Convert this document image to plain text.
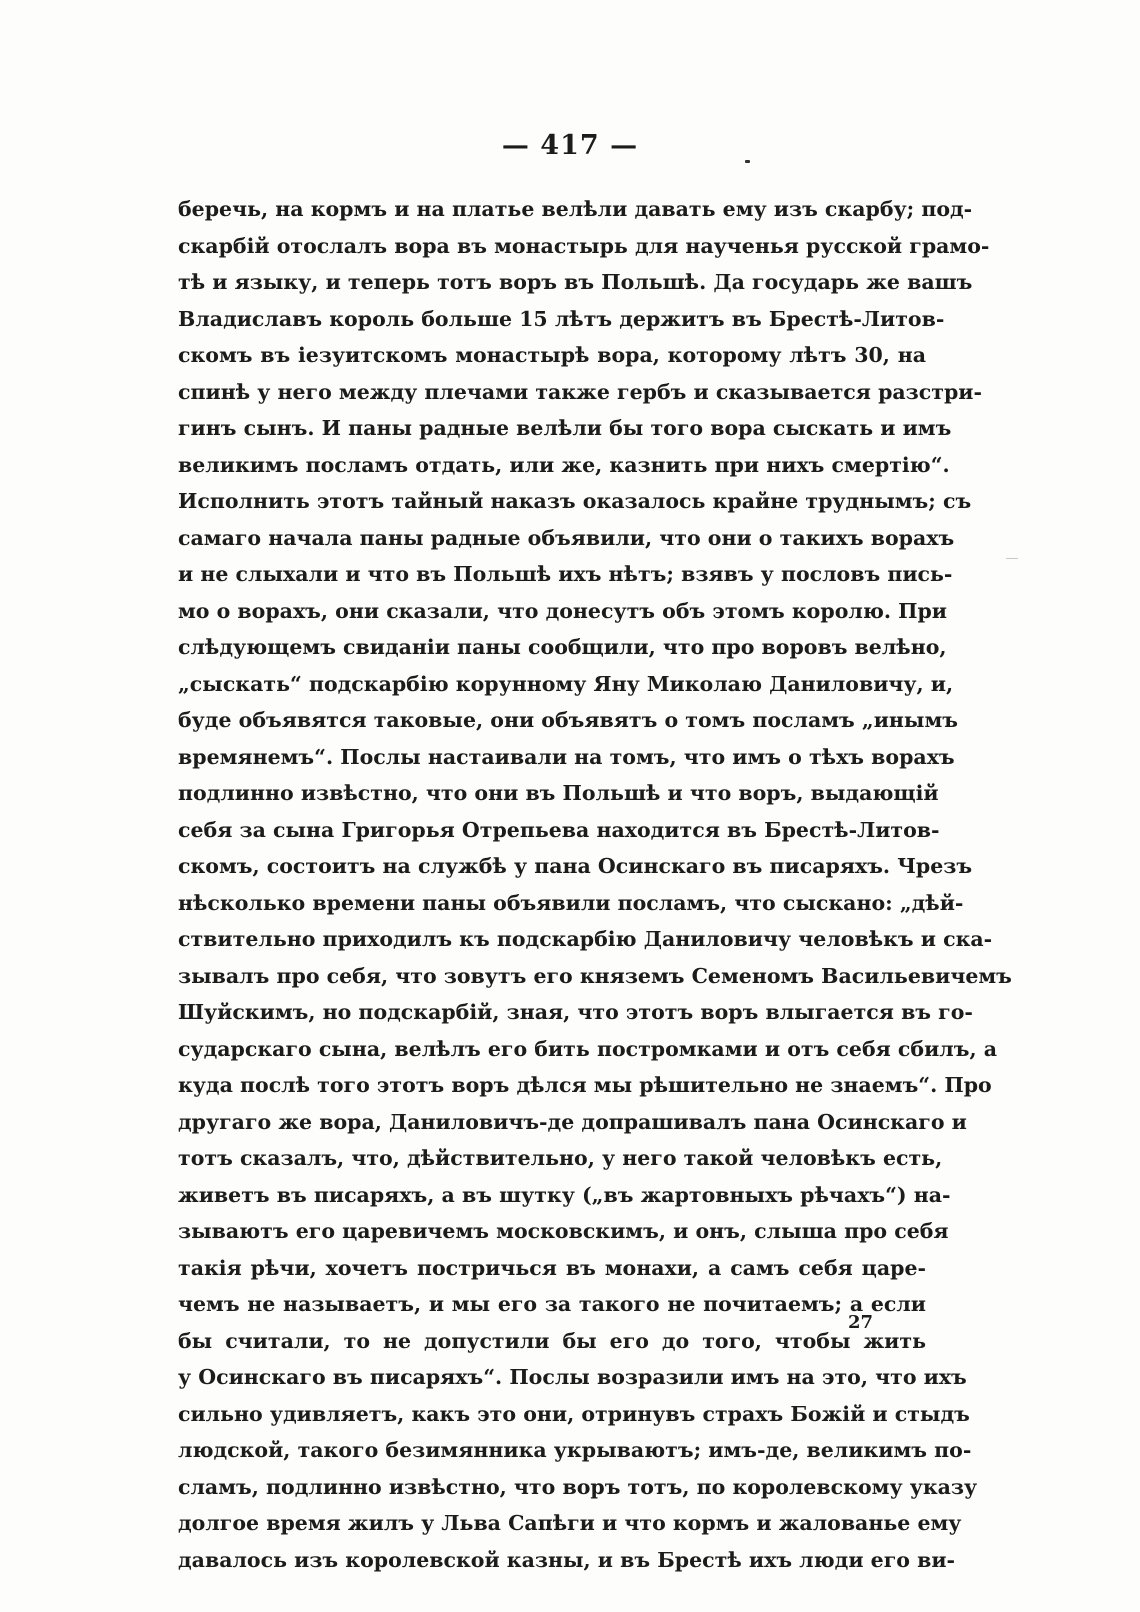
— 417 —
беречь, на кормъ и на платье велѣли давать ему изъ скарбу; под-
скарбій отослалъ вора въ монастырь для наученья русской грамо-
тѣ и языку, и теперь тотъ воръ въ Польшѣ. Да государь же вашъ
Владиславъ король больше 15 лѣтъ держитъ въ Брестѣ-Литов-
скомъ въ іезуитскомъ монастырѣ вора, которому лѣтъ 30, на
спинѣ у него между плечами также гербъ и сказывается разстри-
гинъ сынъ. И паны радные велѣли бы того вора сыскать и имъ
великимъ посламъ отдать, или же, казнить при нихъ смертію“.
Исполнить этотъ тайный наказъ оказалось крайне труднымъ; съ
самаго начала паны радные объявили, что они о такихъ ворахъ
и не слыхали и что въ Польшѣ ихъ нѣтъ; взявъ у пословъ пись-
мо о ворахъ, они сказали, что донесутъ объ этомъ королю. При
слѣдующемъ свиданіи паны сообщили, что про воровъ велѣно,
„сыскать“ подскарбію корунному Яну Миколаю Даниловичу, и,
буде объявятся таковые, они объявятъ о томъ посламъ „инымъ
времянемъ“. Послы настаивали на томъ, что имъ о тѣхъ ворахъ
подлинно извѣстно, что они въ Польшѣ и что воръ, выдающій
себя за сына Григорья Отрепьева находится въ Брестѣ-Литов-
скомъ, состоитъ на службѣ у пана Осинскаго въ писаряхъ. Чрезъ
нѣсколько времени паны объявили посламъ, что сыскано: „дѣй-
ствительно приходилъ къ подскарбію Даниловичу человѣкъ и ска-
зывалъ про себя, что зовутъ его княземъ Семеномъ Васильевичемъ
Шуйскимъ, но подскарбій, зная, что этотъ воръ влыгается въ го-
сударскаго сына, велѣлъ его бить постромками и отъ себя сбилъ, а
куда послѣ того этотъ воръ дѣлся мы рѣшительно не знаемъ“. Про
другаго же вора, Даниловичъ-де допрашивалъ пана Осинскаго и
тотъ сказалъ, что, дѣйствительно, у него такой человѣкъ есть,
живетъ въ писаряхъ, а въ шутку („въ жартовныхъ рѣчахъ“) на-
зываютъ его царевичемъ московскимъ, и онъ, слыша про себя
такія рѣчи, хочетъ постричься въ монахи, а самъ себя царе-
чемъ не называетъ, и мы его за такого не почитаемъ; а если
бы считали, то не допустили бы его до того, чтобы жить
у Осинскаго въ писаряхъ“. Послы возразили имъ на это, что ихъ
сильно удивляетъ, какъ это они, отринувъ страхъ Божій и стыдъ
людской, такого безимянника укрываютъ; имъ-де, великимъ по-
сламъ, подлинно извѣстно, что воръ тотъ, по королевскому указу
долгое время жилъ у Льва Сапѣги и что кормъ и жалованье ему
давалось изъ королевской казны, и въ Брестѣ ихъ люди его ви-
27
